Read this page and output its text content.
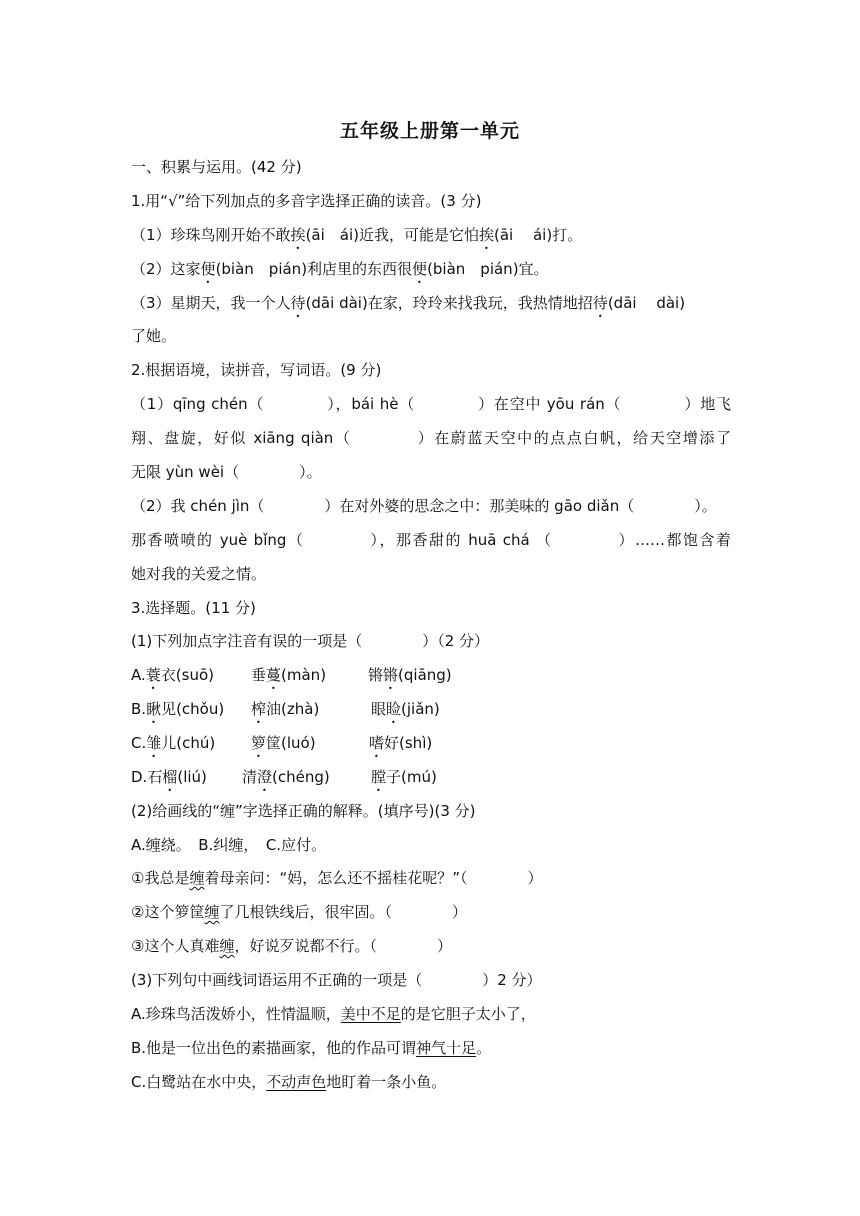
五年级上册第一单元
一、积累与运用。(42 分)
1.用“√”给下列加点的多音字选择正确的读音。(3 分)
（1）珍珠鸟刚开始不敢挨(āi　ái)近我，可能是它怕挨(āi　 ái)打。
（2）这家便(biàn　pián)利店里的东西很便(biàn　pián)宜。
（3）星期天，我一个人待(dāi dài)在家，玲玲来找我玩，我热情地招待(dāi　 dài)
了她。
2.根据语境，读拼音，写词语。(9 分)
（1）qīng chén（　　　　），bái hè（　　　　）在空中 yōu rán（　　　　）地飞
翔、盘旋，好似 xiāng qiàn（　　　　）在蔚蓝天空中的点点白帆，给天空增添了
无限 yùn wèi（　　　　）。
（2）我 chén jìn（　　　　）在对外婆的思念之中：那美味的 gāo diǎn（　　　　）。
那香喷喷的 yuè bǐng（　　　　），那香甜的 huā chá （　　　　）……都饱含着
她对我的关爱之情。
3.选择题。(11 分)
(1)下列加点字注音有误的一项是（　　　　）（2 分）
A.蓑衣(suō) 垂蔓(màn)	锵锵(qiāng)
B.瞅见(chǒu) 榨油(zhà)	眼睑(jiǎn)
C.雏儿(chú) 箩筐(luó)	嗜好(shì)
D.石榴(liú) 清澄(chéng)	膛子(mú)
(2)给画线的“缠”字选择正确的解释。(填序号)(3 分)
A.缠绕。　B.纠缠，　C.应付。
①我总是缠着母亲问：“妈，怎么还不摇桂花呢？”（　　　　）
②这个箩筐缠了几根铁线后，很牢固。（　　　　）
③这个人真难缠，好说歹说都不行。（　　　　）
(3)下列句中画线词语运用不正确的一项是（　　　　）2 分）
A.珍珠鸟活泼娇小，性情温顺，美中不足的是它胆子太小了，
B.他是一位出色的素描画家，他的作品可谓神气十足。
C.白鹭站在水中央，不动声色地盯着一条小鱼。
